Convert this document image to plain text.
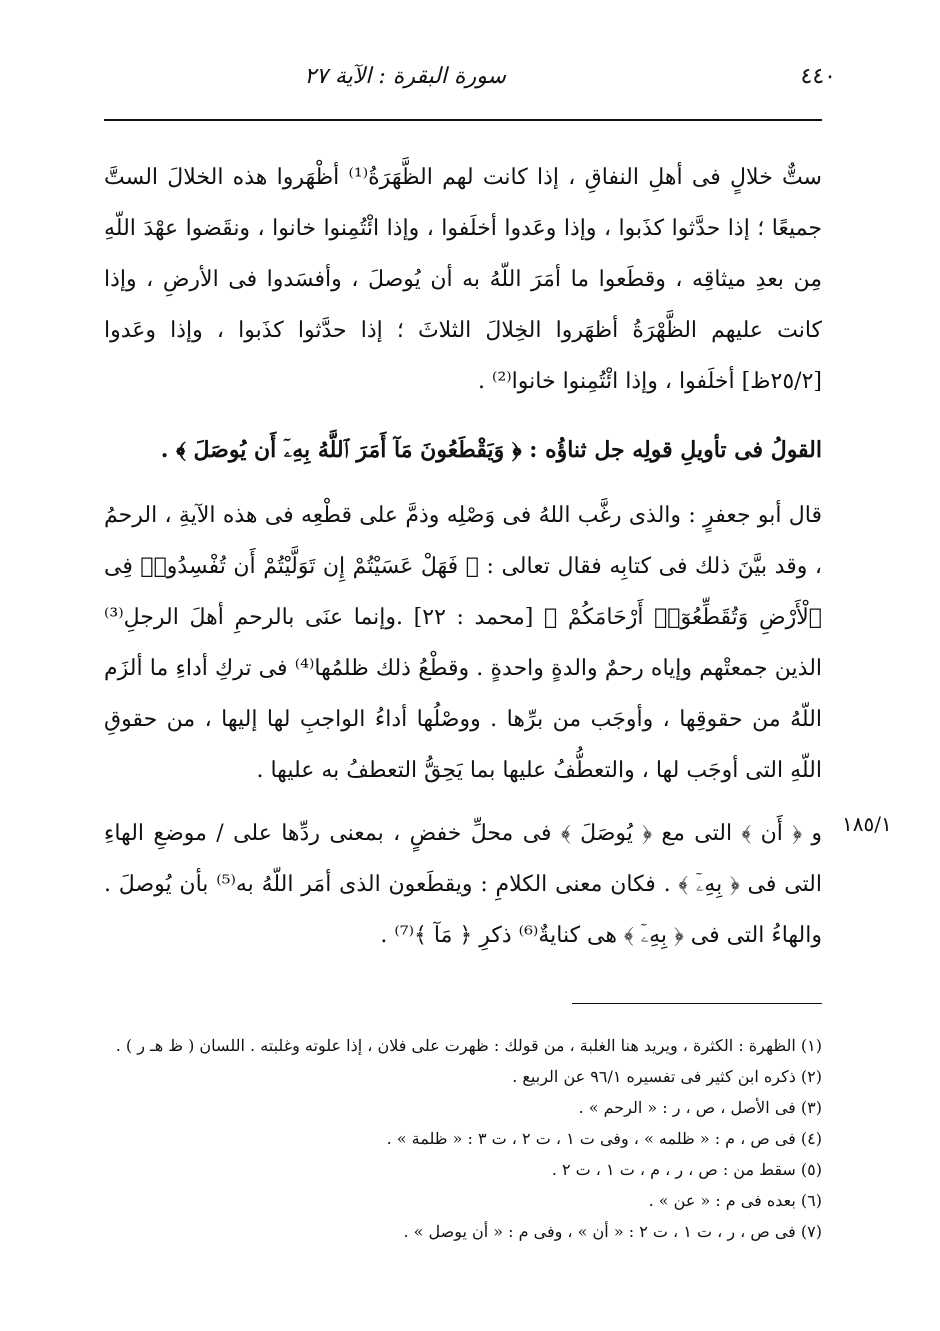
٤٤٠
سورة البقرة : الآية ٢٧

ستٌّ خلالٍ فى أهلِ النفاقِ ، إذا كانت لهم الظَّهَرَةُ⁽¹⁾ أظْهَروا هذه الخلالَ الستَّ جميعًا ؛ إذا حدَّثوا كذَبوا ، وإذا وعَدوا أخلَفوا ، وإذا ائْتُمِنوا خانوا ، ونقَضوا عهْدَ اللّهِ مِن بعدِ ميثاقِه ، وقطَعوا ما أمَرَ اللّهُ به أن يُوصلَ ، وأفسَدوا فى الأرضِ ، وإذا كانت عليهم الظَّهْرَةُ أظهَروا الخِلالَ الثلاثَ ؛ إذا حدَّثوا كذَبوا ، وإذا وعَدوا [٢٥/٢ظ] أخلَفوا ، وإذا ائْتُمِنوا خانوا⁽²⁾ .

القولُ فى تأويلِ قولِه جل ثناؤُه : ﴿ وَيَقْطَعُونَ مَآ أَمَرَ ٱللَّهُ بِهِۦٓ أَن يُوصَلَ ﴾ .

قال أبو جعفرٍ : والذى رغَّب اللهُ فى وَصْلِه وذمَّ على قطْعِه فى هذه الآيةِ ، الرحمُ ، وقد بيَّنَ ذلك فى كتابِه فقال تعالى : ﴿ فَهَلْ عَسَيْتُمْ إِن تَوَلَّيْتُمْ أَن تُفْسِدُوا۟ فِى ٱلْأَرْضِ وَتُقَطِّعُوٓا۟ أَرْحَامَكُمْ ﴾ [محمد : ٢٢] .وإنما عنَى بالرحمِ أهلَ الرجلِ⁽³⁾ الذين جمعتْهم وإياه رحمٌ والدةٍ واحدةٍ . وقطْعُ ذلك ظلمُها⁽⁴⁾ فى تركِ أداءِ ما ألزَم اللّهُ من حقوقِها ، وأوجَب من برِّها . ووصْلُها أداءُ الواجبِ لها إليها ، من حقوقِ اللّهِ التى أوجَب لها ، والتعطُّفُ عليها بما يَحِقُّ التعطفُ به عليها .

و ﴿ أَن ﴾ التى مع ﴿ يُوصَلَ ﴾ فى محلِّ خفضٍ ، بمعنى ردِّها على / موضعِ الهاءِ التى فى ﴿ بِهِۦٓ ﴾ . فكان معنى الكلامِ : ويقطَعون الذى أمَر اللّهُ به⁽⁵⁾ بأن يُوصلَ . والهاءُ التى فى ﴿ بِهِۦٓ ﴾ هى كنايةٌ⁽⁶⁾ ذكرِ ﴿ مَآ ﴾⁽⁷⁾ .

١٨٥/١

(١) الظهرة : الكثرة ، ويريد هنا الغلبة ، من قولك : ظهرت على فلان ، إذا علوته وغلبته . اللسان ( ظ هـ ر ) .

(٢) ذكره ابن كثير فى تفسيره ٩٦/١ عن الربيع .

(٣) فى الأصل ، ص ، ر : « الرحم » .

(٤) فى ص ، م : « ظلمه » ، وفى ت ١ ، ت ٢ ، ت ٣ : « ظلمة » .

(٥) سقط من : ص ، ر ، م ، ت ١ ، ت ٢ .

(٦) بعده فى م : « عن » .

(٧) فى ص ، ر ، ت ١ ، ت ٢ : « أن » ، وفى م : « أن يوصل » .
